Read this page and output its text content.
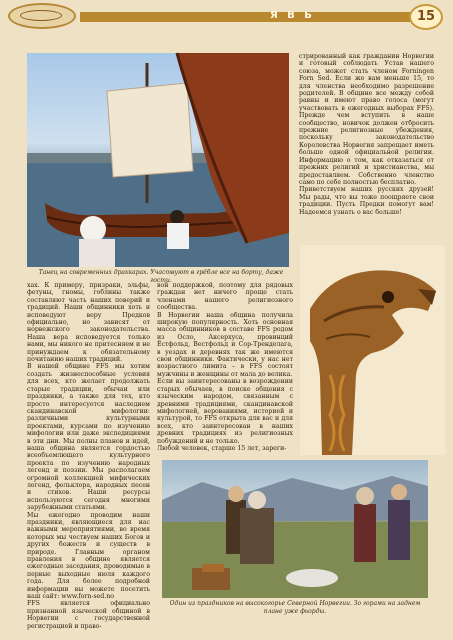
Я В Ь	15
Танец на современных драккарах. Участвуют в грёбле все на борту, даже гости.
стрированный как гражданин Норвегии и готовый соблюдать Устав нашего союза, может стать членом Forningen Forn Sed. Если же вам меньше 15, то для членства необходимо разрешение родителей. В общине все между собой равны и имеют право голоса (могут участвовать в ежегодных выборах FFS). Прежде чем вступить в наше сообщество, новичок должен отбросить прежние религиозные убеждения, поскольку законодательство Королевства Норвегия запрещает иметь больше одной официальной религии. Информацию о том, как отказаться от прежних религий и христианства, мы предоставляем. Собственно членство само по себе полностью бесплатно.
Приветствуем наших русских друзей! Мы рады, что вы тоже поощряете свои традиции. Пусть Предки помогут вам! Надеемся узнать о вас больше!
хах. К примеру, призраки, эльфы, фетуны, гномы, гоблины также составляют часть наших поверий и традиций. Наши общинники хоть и исповедуют веру Предков официально, но зависят от норвежского законодательства. Наша вера исповедуется только нами, мы никого не притесняем и не принуждаем к обязательному почитанию наших традиций.
В нашей общине FFS мы хотим создать жизнеспособные условия для всех, кто желает продолжать старые традиции, обычаи или праздники, а также для тех, кто просто интересуется наследием скандинавской мифологии: различными культурными проектами, курсами по изучению мифологии или даже экспедициями в эти дни. Мы полны планов и идей, наша община является гордостью всеобъемлющего культурного проекта по изучению народных легенд и поэзии. Мы располагаем огромной коллекцией мифических легенд, фольклора, народных песен и стихов. Наши ресурсы используются сегодня многими зарубежными статьями.
Мы ежегодно проводим наши праздники, являющиеся для нас важными мероприятиями, во время которых мы чествуем наших Богов и других божеств и существ в природе. Главным органом правления в общине является ежегодные заседания, проводимые в первые выходные июля каждого года. Для более подробной информации вы можете посетить наш сайт: www.forn-sed.no
FFS является официально признанной языческой общиной в Норвегии с государственной регистрацией и право-
вой поддержкой, поэтому для рядовых граждан нет ничего проще стать членами нашего религиозного сообщества.
В Норвегии наша община получила широкую популярность. Хоть основная масса общинников в составе FFS родом из Осло, Аксерхуса, провинций Ёстфольд, Вестфольд и Сор-Тренделага, в уездах и деревнях так же имеются свои общинники. Фактически, у нас нет возрастного лимита – в FFS состоят мужчины и женщины от мала до велика.
Если вы заинтересованы в возрождении старых обычаев, в поиске общения с языческим народом, связанным с древними традициями, скандинавской мифологией, верованиями, историей и культурой, то FFS открыта для вас и для всех, кто заинтересован в наших древних традициях из религиозных побуждений и не только.
Любой человек, старше 15 лет, зареги-
Один из праздников на высокогорье Северной Норвегии. Зо горами на заднем плане уже фьорды.
